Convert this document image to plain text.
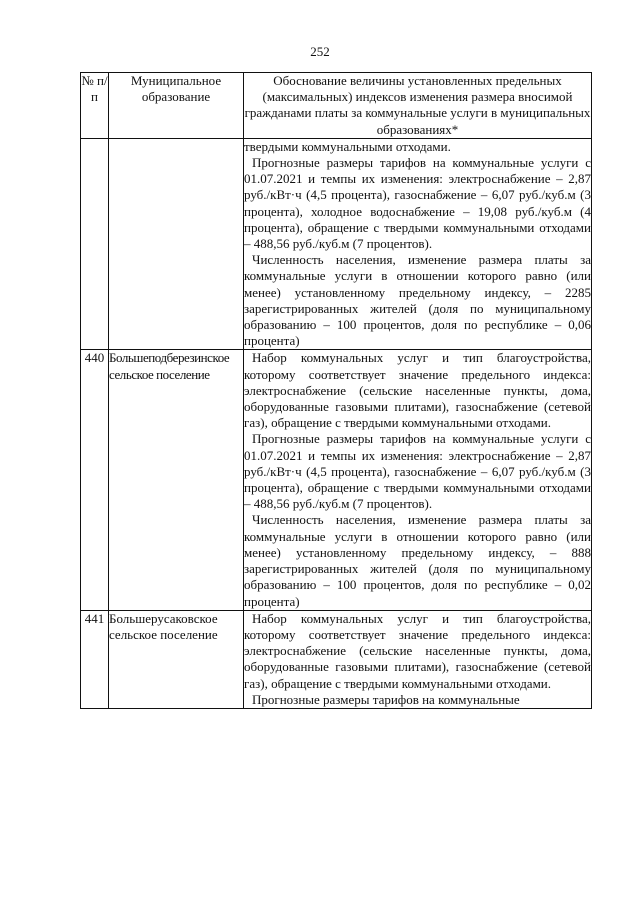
252
№ п/п	Муниципальное образование	Обоснование величины установленных предельных (максимальных) индексов изменения размера вносимой гражданами платы за коммунальные услуги в муниципальных образованиях*

		твердыми коммунальными отходами.

Прогнозные размеры тарифов на коммунальные услуги с 01.07.2021 и темпы их изменения: электроснабжение – 2,87 руб./кВт·ч (4,5 процента), газоснабжение – 6,07 руб./куб.м (3 процента), холодное водоснабжение – 19,08 руб./куб.м (4 процента), обращение с твердыми коммунальными отходами – 488,56 руб./куб.м (7 процентов).

Численность населения, изменение размера платы за коммунальные услуги в отношении которого равно (или менее) установленному предельному индексу, – 2285 зарегистрированных жителей (доля по муниципальному образованию – 100 процентов, доля по республике – 0,06 процента)

440	Большеподберезинское сельское поселение	Набор коммунальных услуг и тип благоустройства, которому соответствует значение предельного индекса: электроснабжение (сельские населенные пункты, дома, оборудованные газовыми плитами), газоснабжение (сетевой газ), обращение с твердыми коммунальными отходами.

Прогнозные размеры тарифов на коммунальные услуги с 01.07.2021 и темпы их изменения: электроснабжение – 2,87 руб./кВт·ч (4,5 процента), газоснабжение – 6,07 руб./куб.м (3 процента), обращение с твердыми коммунальными отходами – 488,56 руб./куб.м (7 процентов).

Численность населения, изменение размера платы за коммунальные услуги в отношении которого равно (или менее) установленному предельному индексу, – 888 зарегистрированных жителей (доля по муниципальному образованию – 100 процентов, доля по республике – 0,02 процента)

441	Большерусаковское сельское поселение	Набор коммунальных услуг и тип благоустройства, которому соответствует значение предельного индекса: электроснабжение (сельские населенные пункты, дома, оборудованные газовыми плитами), газоснабжение (сетевой газ), обращение с твердыми коммунальными отходами.

Прогнозные размеры тарифов на коммунальные
